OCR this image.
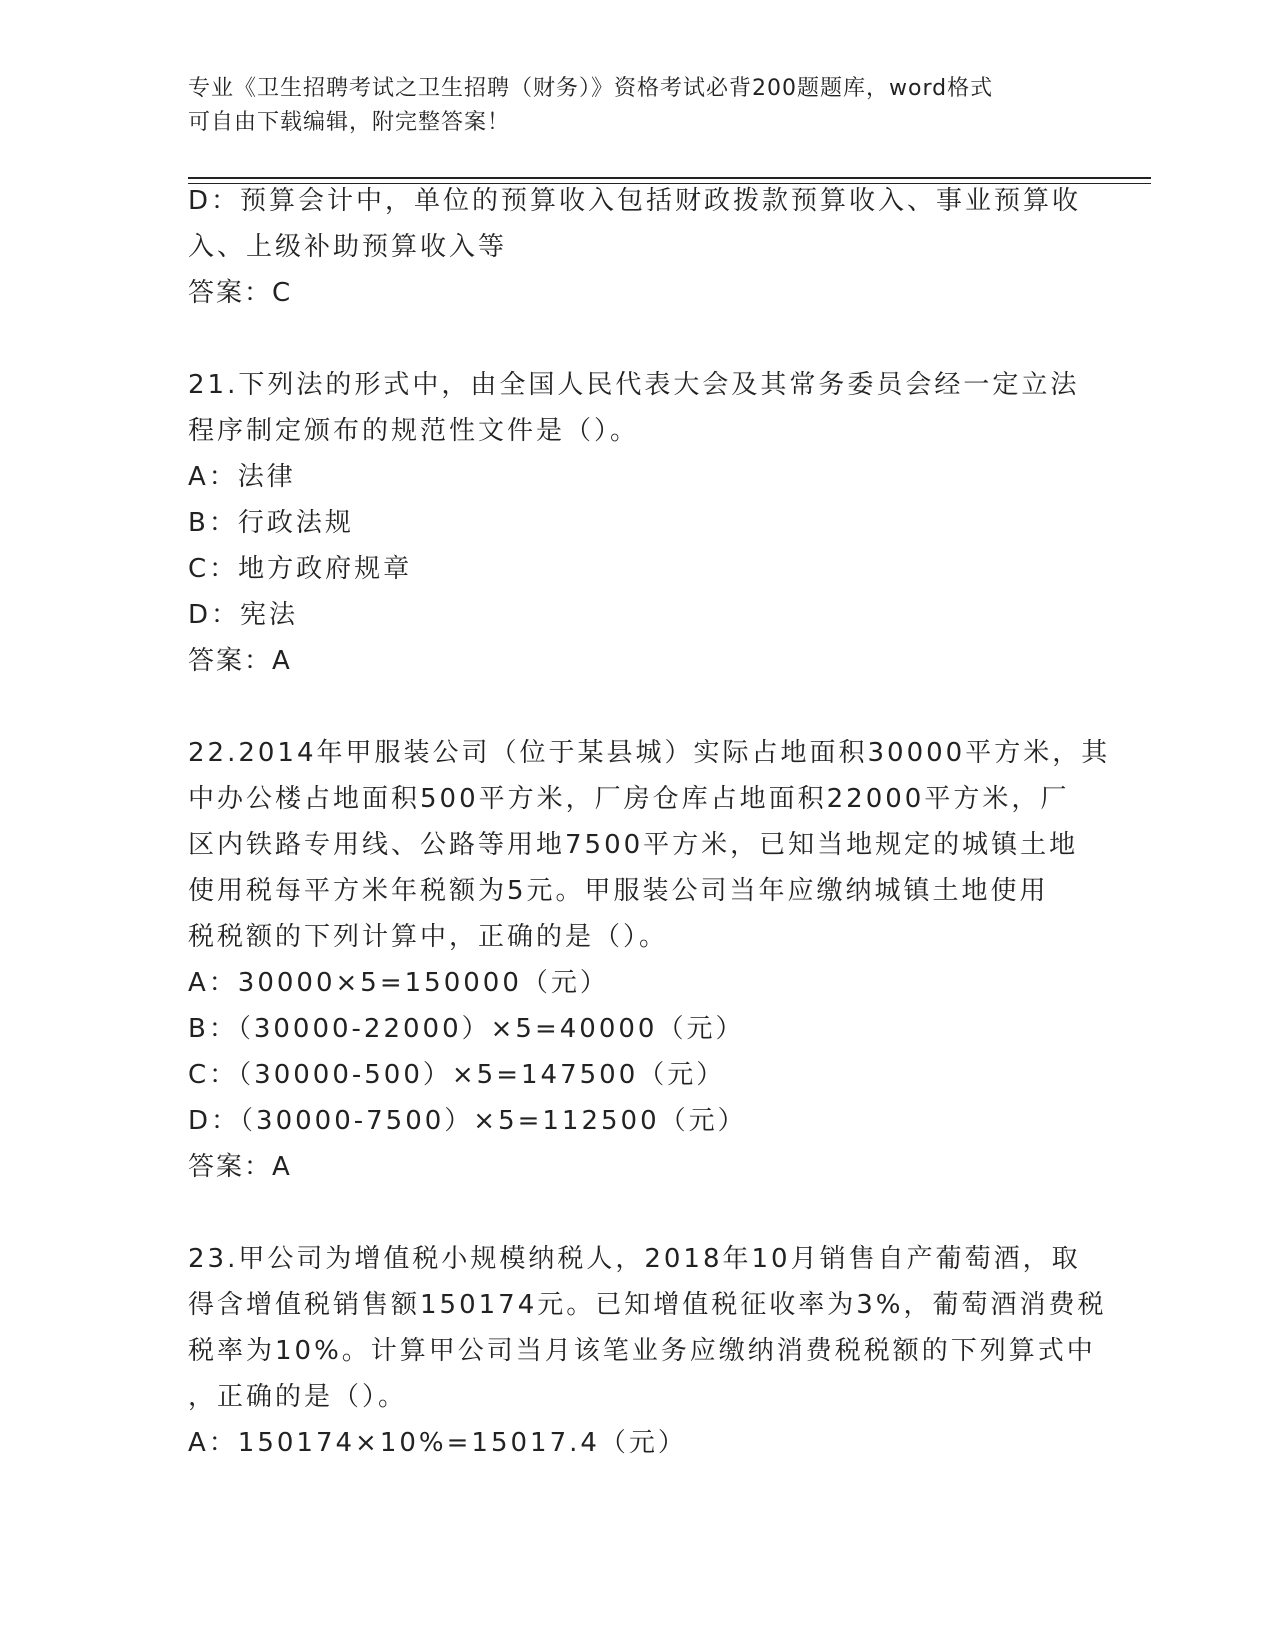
专业《卫生招聘考试之卫生招聘（财务）》资格考试必背200题题库，word格式
可自由下载编辑，附完整答案！
D：预算会计中，单位的预算收入包括财政拨款预算收入、事业预算收
入、上级补助预算收入等
答案：C
21.下列法的形式中，由全国人民代表大会及其常务委员会经一定立法
程序制定颁布的规范性文件是（）。
A：法律
B：行政法规
C：地方政府规章
D：宪法
答案：A
22.2014年甲服装公司（位于某县城）实际占地面积30000平方米，其
中办公楼占地面积500平方米，厂房仓库占地面积22000平方米，厂
区内铁路专用线、公路等用地7500平方米，已知当地规定的城镇土地
使用税每平方米年税额为5元。甲服装公司当年应缴纳城镇土地使用
税税额的下列计算中，正确的是（）。
A：30000×5=150000（元）
B：（30000-22000）×5=40000（元）
C：（30000-500）×5=147500（元）
D：（30000-7500）×5=112500（元）
答案：A
23.甲公司为增值税小规模纳税人，2018年10月销售自产葡萄酒，取
得含增值税销售额150174元。已知增值税征收率为3%，葡萄酒消费税
税率为10%。计算甲公司当月该笔业务应缴纳消费税税额的下列算式中
，正确的是（）。
A：150174×10%=15017.4（元）
